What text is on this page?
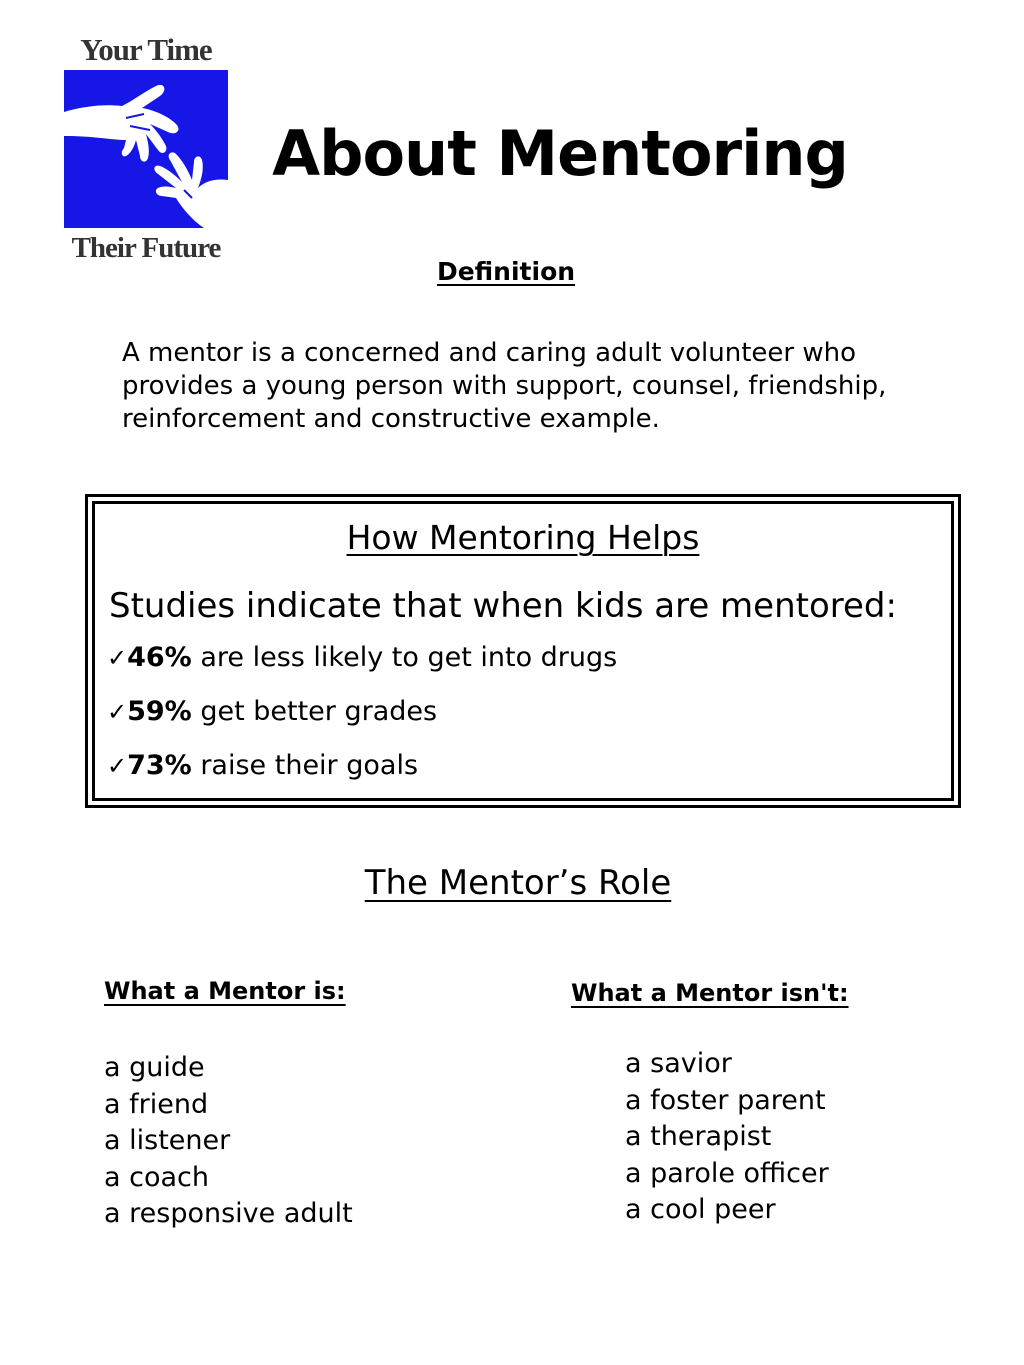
Your Time
Their Future
About Mentoring
Definition
A mentor is a concerned and caring adult volunteer who provides a young person with support, counsel, friendship, reinforcement and constructive example.
How Mentoring Helps
Studies indicate that when kids are mentored:
✓46% are less likely to get into drugs
✓59% get better grades
✓73% raise their goals
The Mentor’s Role
What a Mentor is:
a guide
a friend
a listener
a coach
a responsive adult
What a Mentor isn't:
a savior
a foster parent
a therapist
a parole officer
a cool peer
